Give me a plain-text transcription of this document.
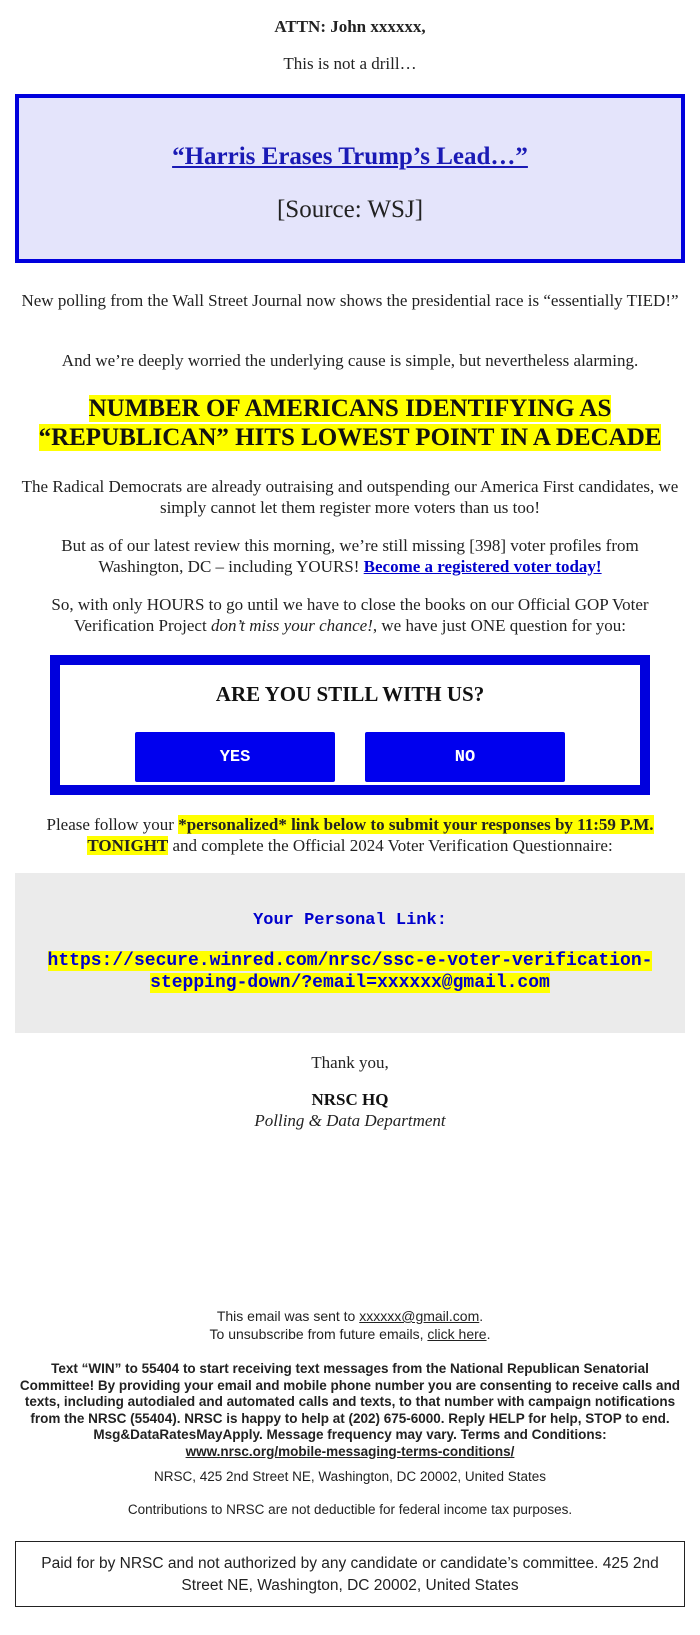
ATTN: John xxxxxx,
This is not a drill…
“Harris Erases Trump’s Lead…”
[Source: WSJ]

New polling from the Wall Street Journal now shows the presidential race is “essentially TIED!”

And we’re deeply worried the underlying cause is simple, but nevertheless alarming.

NUMBER OF AMERICANS IDENTIFYING AS “REPUBLICAN” HITS LOWEST POINT IN A DECADE

The Radical Democrats are already outraising and outspending our America First candidates, we simply cannot let them register more voters than us too!

But as of our latest review this morning, we’re still missing [398] voter profiles from Washington, DC – including YOURS! Become a registered voter today!

So, with only HOURS to go until we have to close the books on our Official GOP Voter Verification Project don’t miss your chance!, we have just ONE question for you:

ARE YOU STILL WITH US?
YES	NO

Please follow your *personalized* link below to submit your responses by 11:59 P.M. TONIGHT and complete the Official 2024 Voter Verification Questionnaire:

Your Personal Link:
https://secure.winred.com/nrsc/ssc-e-voter-verification-stepping-down/?email=xxxxxx@gmail.com
Thank you,
NRSC HQ
Polling & Data Department
This email was sent to xxxxxx@gmail.com.
To unsubscribe from future emails, click here.
Text “WIN” to 55404 to start receiving text messages from the National Republican Senatorial Committee! By providing your email and mobile phone number you are consenting to receive calls and texts, including autodialed and automated calls and texts, to that number with campaign notifications from the NRSC (55404). NRSC is happy to help at (202) 675-6000. Reply HELP for help, STOP to end. Msg&DataRatesMayApply. Message frequency may vary. Terms and Conditions:
www.nrsc.org/mobile-messaging-terms-conditions/
NRSC, 425 2nd Street NE, Washington, DC 20002, United States
Contributions to NRSC are not deductible for federal income tax purposes.
Paid for by NRSC and not authorized by any candidate or candidate’s committee. 425 2nd Street NE, Washington, DC 20002, United States
